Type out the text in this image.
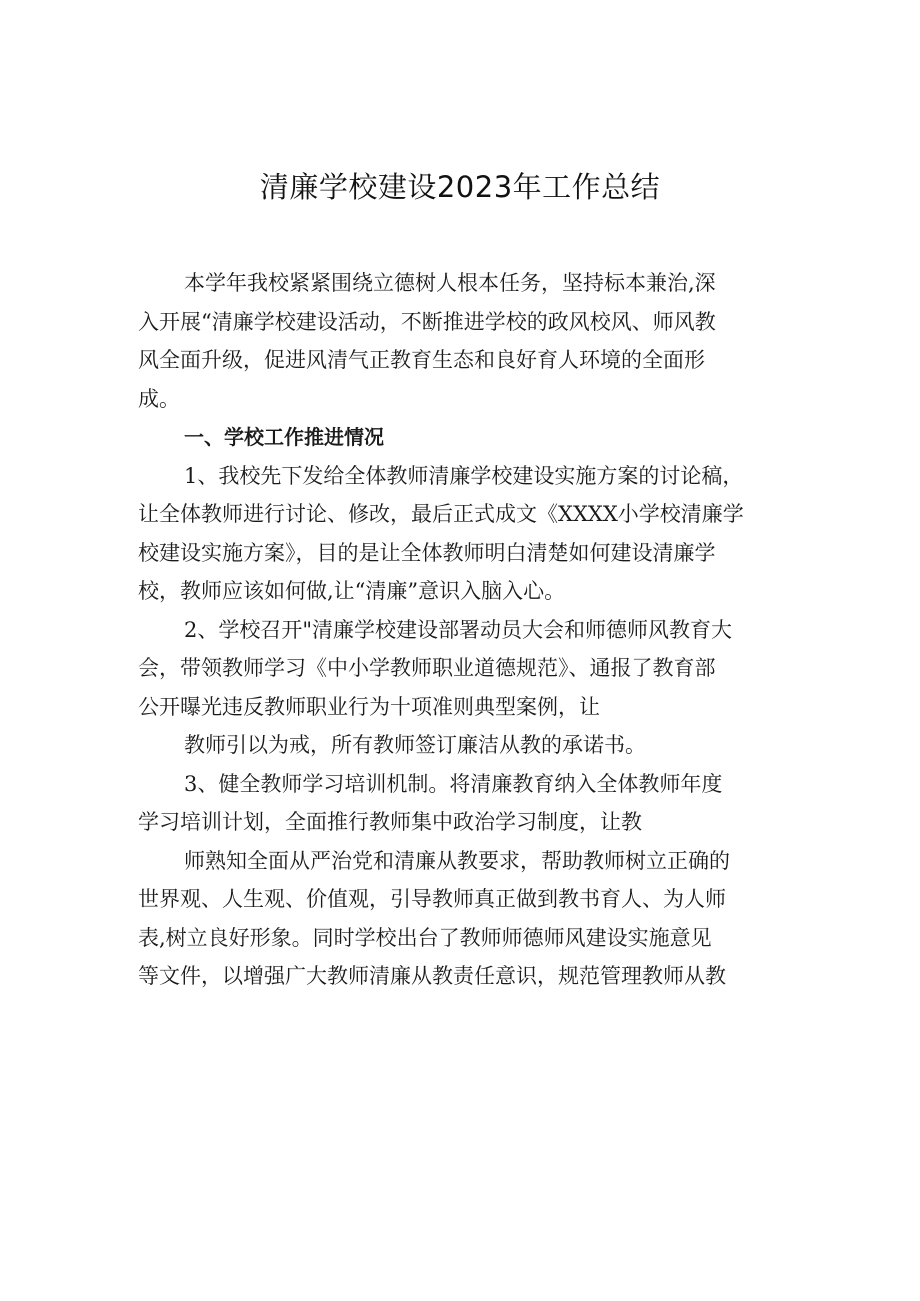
清廉学校建设2023年工作总结
本学年我校紧紧围绕立德树人根本任务，坚持标本兼治,深
入开展“清廉学校建设活动，不断推进学校的政风校风、师风教
风全面升级，促进风清气正教育生态和良好育人环境的全面形
成。
一、学校工作推进情况
1、我校先下发给全体教师清廉学校建设实施方案的讨论稿，
让全体教师进行讨论、修改，最后正式成文《XXXX小学校清廉学
校建设实施方案》，目的是让全体教师明白清楚如何建设清廉学
校，教师应该如何做,让“清廉”意识入脑入心。
2、学校召开"清廉学校建设部署动员大会和师德师风教育大
会，带领教师学习《中小学教师职业道德规范》、通报了教育部
公开曝光违反教师职业行为十项准则典型案例，让
教师引以为戒，所有教师签订廉洁从教的承诺书。
3、健全教师学习培训机制。将清廉教育纳入全体教师年度
学习培训计划，全面推行教师集中政治学习制度，让教
师熟知全面从严治党和清廉从教要求，帮助教师树立正确的
世界观、人生观、价值观，引导教师真正做到教书育人、为人师
表,树立良好形象。同时学校出台了教师师德师风建设实施意见
等文件，以增强广大教师清廉从教责任意识，规范管理教师从教
